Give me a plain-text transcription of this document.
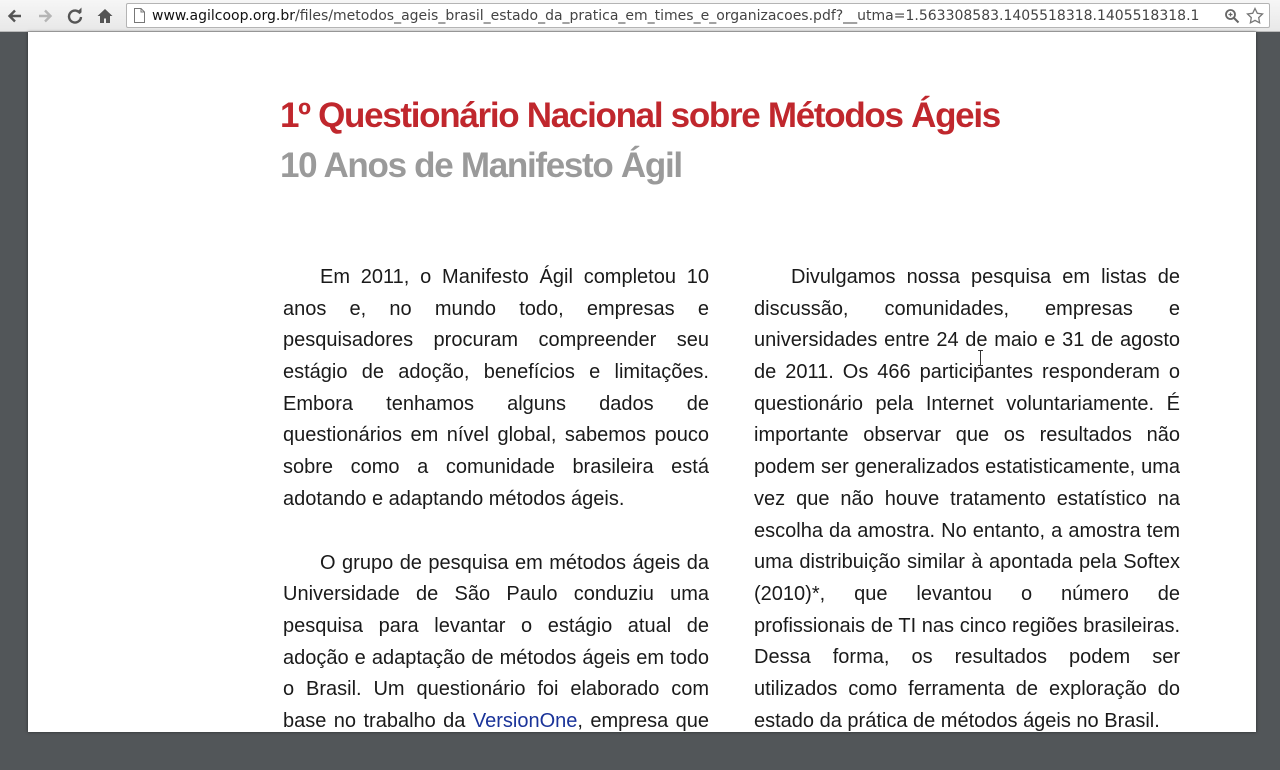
www.agilcoop.org.br/files/metodos_ageis_brasil_estado_da_pratica_em_times_e_organizacoes.pdf?__utma=1.563308583.1405518318.1405518318.1
1º Questionário Nacional sobre Métodos Ágeis
10 Anos de Manifesto Ágil
Em 2011, o Manifesto Ágil completou 10
anos e, no mundo todo, empresas e
pesquisadores procuram compreender seu
estágio de adoção, benefícios e limitações.
Embora tenhamos alguns dados de
questionários em nível global, sabemos pouco
sobre como a comunidade brasileira está
adotando e adaptando métodos ágeis.
O grupo de pesquisa em métodos ágeis da
Universidade de São Paulo conduziu uma
pesquisa para levantar o estágio atual de
adoção e adaptação de métodos ágeis em todo
o Brasil. Um questionário foi elaborado com
base no trabalho da VersionOne, empresa que
Divulgamos nossa pesquisa em listas de
discussão, comunidades, empresas e
universidades entre 24 de maio e 31 de agosto
de 2011. Os 466 participantes responderam o
questionário pela Internet voluntariamente. É
importante observar que os resultados não
podem ser generalizados estatisticamente, uma
vez que não houve tratamento estatístico na
escolha da amostra. No entanto, a amostra tem
uma distribuição similar à apontada pela Softex
(2010)*, que levantou o número de
profissionais de TI nas cinco regiões brasileiras.
Dessa forma, os resultados podem ser
utilizados como ferramenta de exploração do
estado da prática de métodos ágeis no Brasil.
